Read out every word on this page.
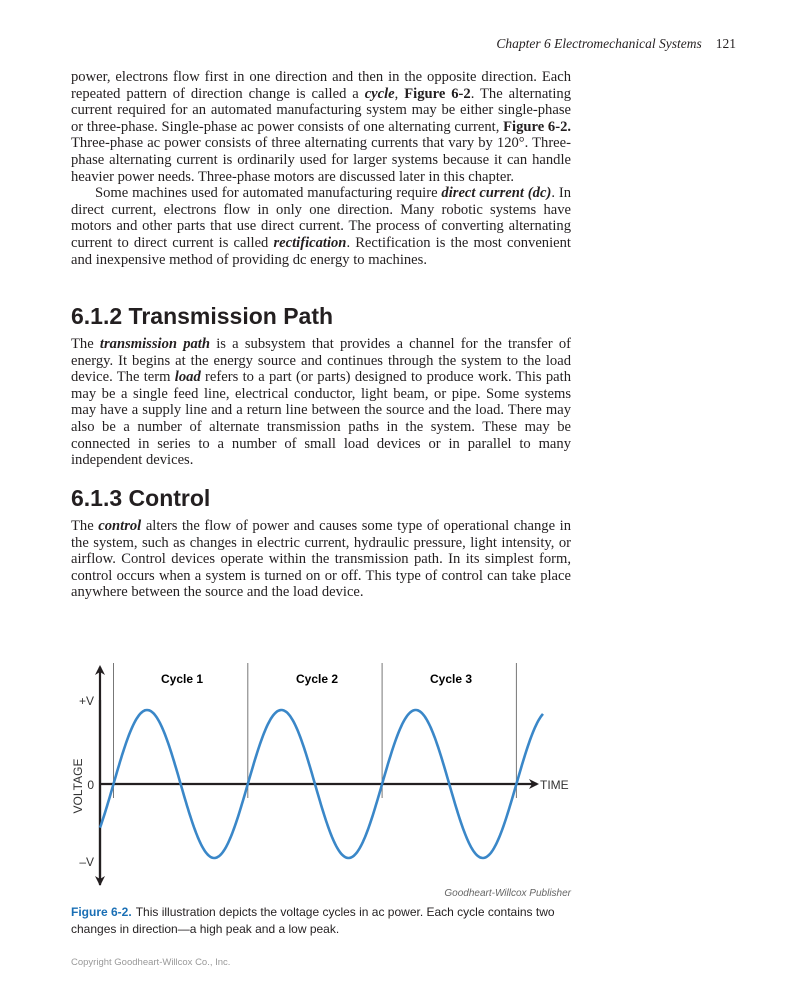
Chapter 6 Electromechanical Systems 121

power, electrons flow first in one direction and then in the opposite direction. Each repeated pattern of direction change is called a cycle, Figure 6-2. The alternating current required for an automated manufacturing system may be either single-phase or three-phase. Single-phase ac power consists of one alternating current, Figure 6-2. Three-phase ac power consists of three alternating currents that vary by 120°. Three-phase alternating current is ordinarily used for larger systems because it can handle heavier power needs. Three-phase motors are discussed later in this chapter.

Some machines used for automated manufacturing require direct current (dc). In direct current, electrons flow in only one direction. Many robotic systems have motors and other parts that use direct current. The process of converting alternating current to direct current is called rectification. Rectification is the most convenient and inexpensive method of providing dc energy to machines.

6.1.2 Transmission Path

The transmission path is a subsystem that provides a channel for the transfer of energy. It begins at the energy source and continues through the system to the load device. The term load refers to a part (or parts) designed to produce work. This path may be a single feed line, electrical conductor, light beam, or pipe. Some systems may have a supply line and a return line between the source and the load. There may also be a number of alternate transmission paths in the system. These may be connected in series to a number of small load devices or in parallel to many independent devices.

6.1.3 Control

The control alters the flow of power and causes some type of operational change in the system, such as changes in electric current, hydraulic pressure, light intensity, or airflow. Control devices operate within the transmission path. In its simplest form, control occurs when a system is turned on or off. This type of control can take place anywhere between the source and the load device.

Cycle 1	Cycle 2	Cycle 3
+V
0
–V
VOLTAGE	TIME
Goodheart-Willcox Publisher
Figure 6-2. This illustration depicts the voltage cycles in ac power. Each cycle contains two changes in direction—a high peak and a low peak.
Copyright Goodheart-Willcox Co., Inc.
